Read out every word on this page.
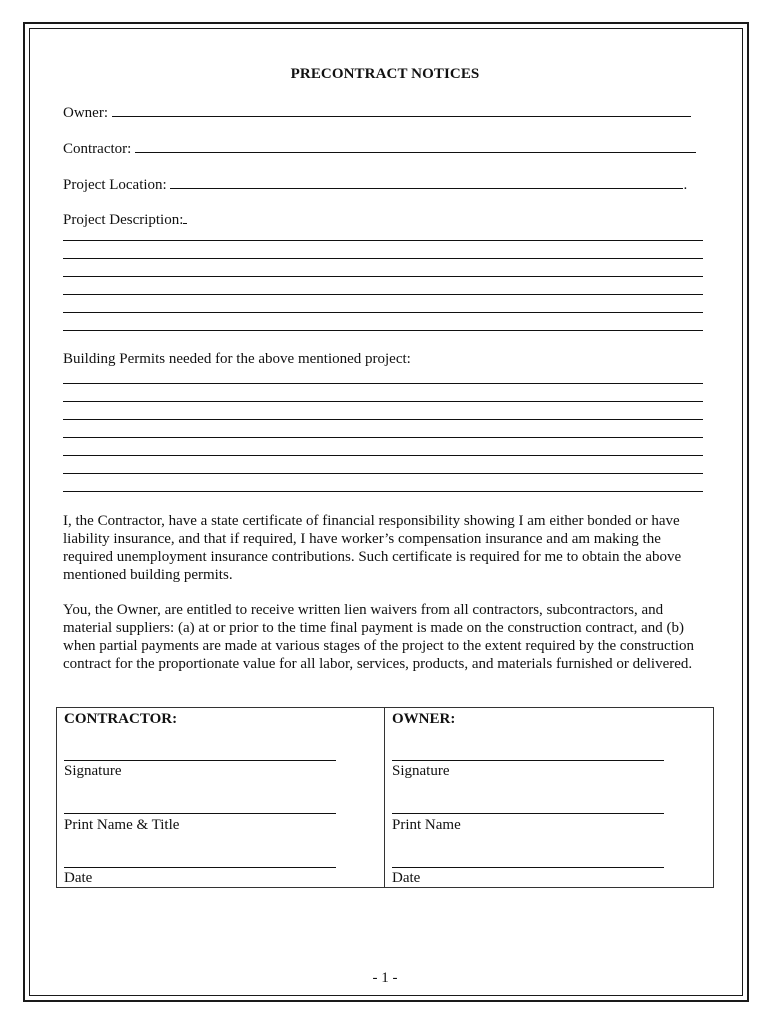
PRECONTRACT NOTICES
Owner:
Contractor:
Project Location:	.
Project Description:
Building Permits needed for the above mentioned project:
I, the Contractor, have a state certificate of financial responsibility showing I am either bonded or have liability insurance, and that if required, I have worker’s compensation insurance and am making the required unemployment insurance contributions. Such certificate is required for me to obtain the above mentioned building permits.
You, the Owner, are entitled to receive written lien waivers from all contractors, subcontractors, and material suppliers: (a) at or prior to the time final payment is made on the construction contract, and (b) when partial payments are made at various stages of the project to the extent required by the construction contract for the proportionate value for all labor, services, products, and materials furnished or delivered.
CONTRACTOR:
Signature
Print Name & Title
Date
OWNER:
Signature
Print Name
Date
- 1 -
